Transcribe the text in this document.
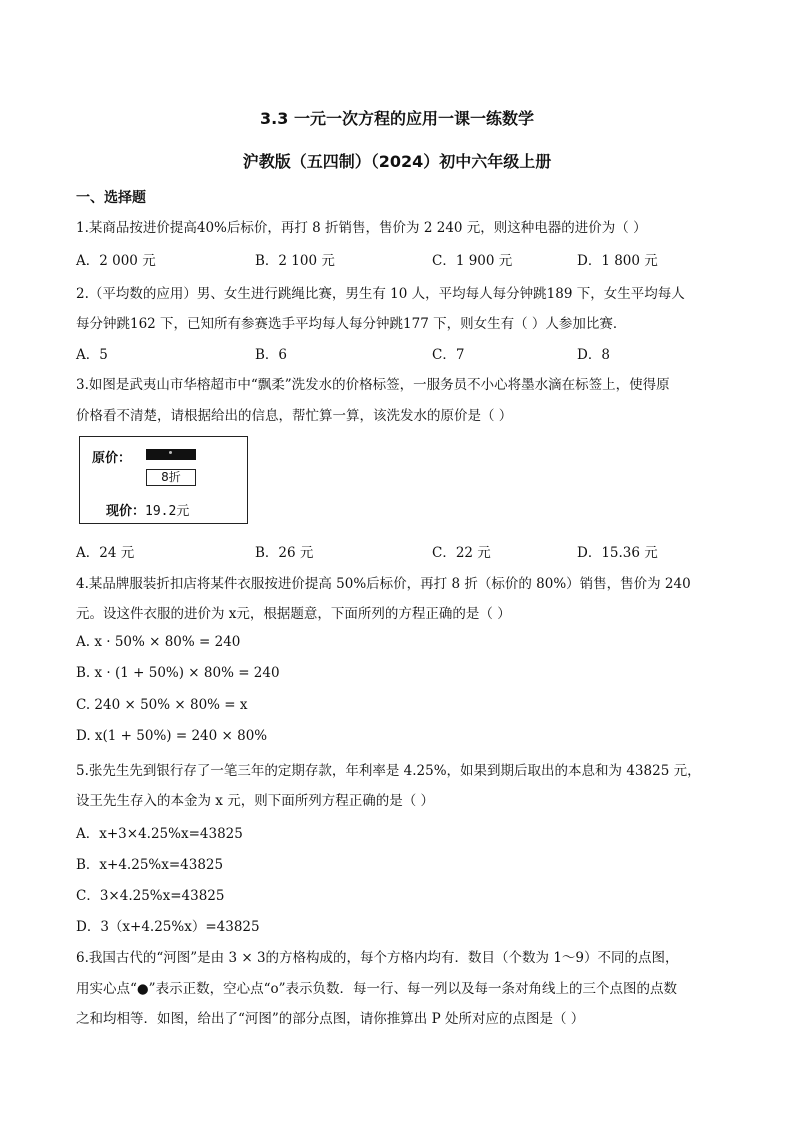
3.3 一元一次方程的应用一课一练数学
沪教版（五四制）（2024）初中六年级上册
一、选择题
1.某商品按进价提高40%后标价，再打 8 折销售，售价为 2 240 元，则这种电器的进价为（ ）
A．2 000 元	B．2 100 元	C．1 900 元	D．1 800 元
2.（平均数的应用）男、女生进行跳绳比赛，男生有 10 人，平均每人每分钟跳189 下，女生平均每人
每分钟跳162 下，已知所有参赛选手平均每人每分钟跳177 下，则女生有（ ）人参加比赛．
A．5	B．6	C．7	D．8
3.如图是武夷山市华榕超市中“飘柔”洗发水的价格标签，一服务员不小心将墨水滴在标签上，使得原
价格看不清楚，请根据给出的信息，帮忙算一算，该洗发水的原价是（ ）
原价：
8折
现价：19.2元
A．24 元	B．26 元	C．22 元	D．15.36 元
4.某品牌服装折扣店将某件衣服按进价提高 50%后标价，再打 8 折（标价的 80%）销售，售价为 240
元。设这件衣服的进价为 x元，根据题意，下面所列的方程正确的是（ ）
A. x · 50% × 80% = 240
B. x · (1 + 50%) × 80% = 240
C. 240 × 50% × 80% = x
D. x(1 + 50%) = 240 × 80%
5.张先生先到银行存了一笔三年的定期存款，年利率是 4.25%，如果到期后取出的本息和为 43825 元，
设王先生存入的本金为 x 元，则下面所列方程正确的是（ ）
A．x+3×4.25%x=43825
B．x+4.25%x=43825
C．3×4.25%x=43825
D．3（x+4.25%x）=43825
6.我国古代的“河图”是由 3 × 3的方格构成的，每个方格内均有．数目（个数为 1～9）不同的点图，
用实心点“●”表示正数，空心点“o”表示负数．每一行、每一列以及每一条对角线上的三个点图的点数
之和均相等．如图，给出了“河图”的部分点图，请你推算出 P 处所对应的点图是（ ）
